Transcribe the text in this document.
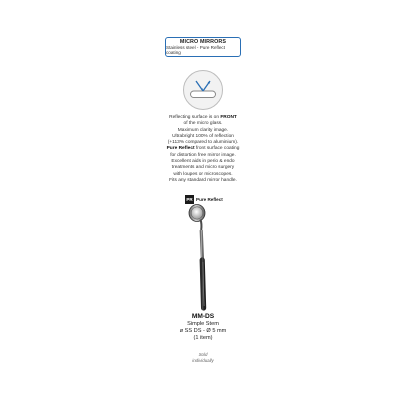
MICRO MIRRORS
Stainless steel - Pure Reflect coating

Reflecting surface is on FRONT

of the micro glass.

Maximum clarity image.

Ultrabright 100% of reflection

(+113% compared to aluminium).

Pure Reflect front surface coating

for distortion free mirror image.

Excellent aids in perio & endo

treatments and micro surgery

with loupes or microscopes.

Fits any standard mirror handle.

PR Pure Reflect
MM-DS
Simple Stem
ø SS DS - Ø 5 mm
(1 item)

Sold

individually
